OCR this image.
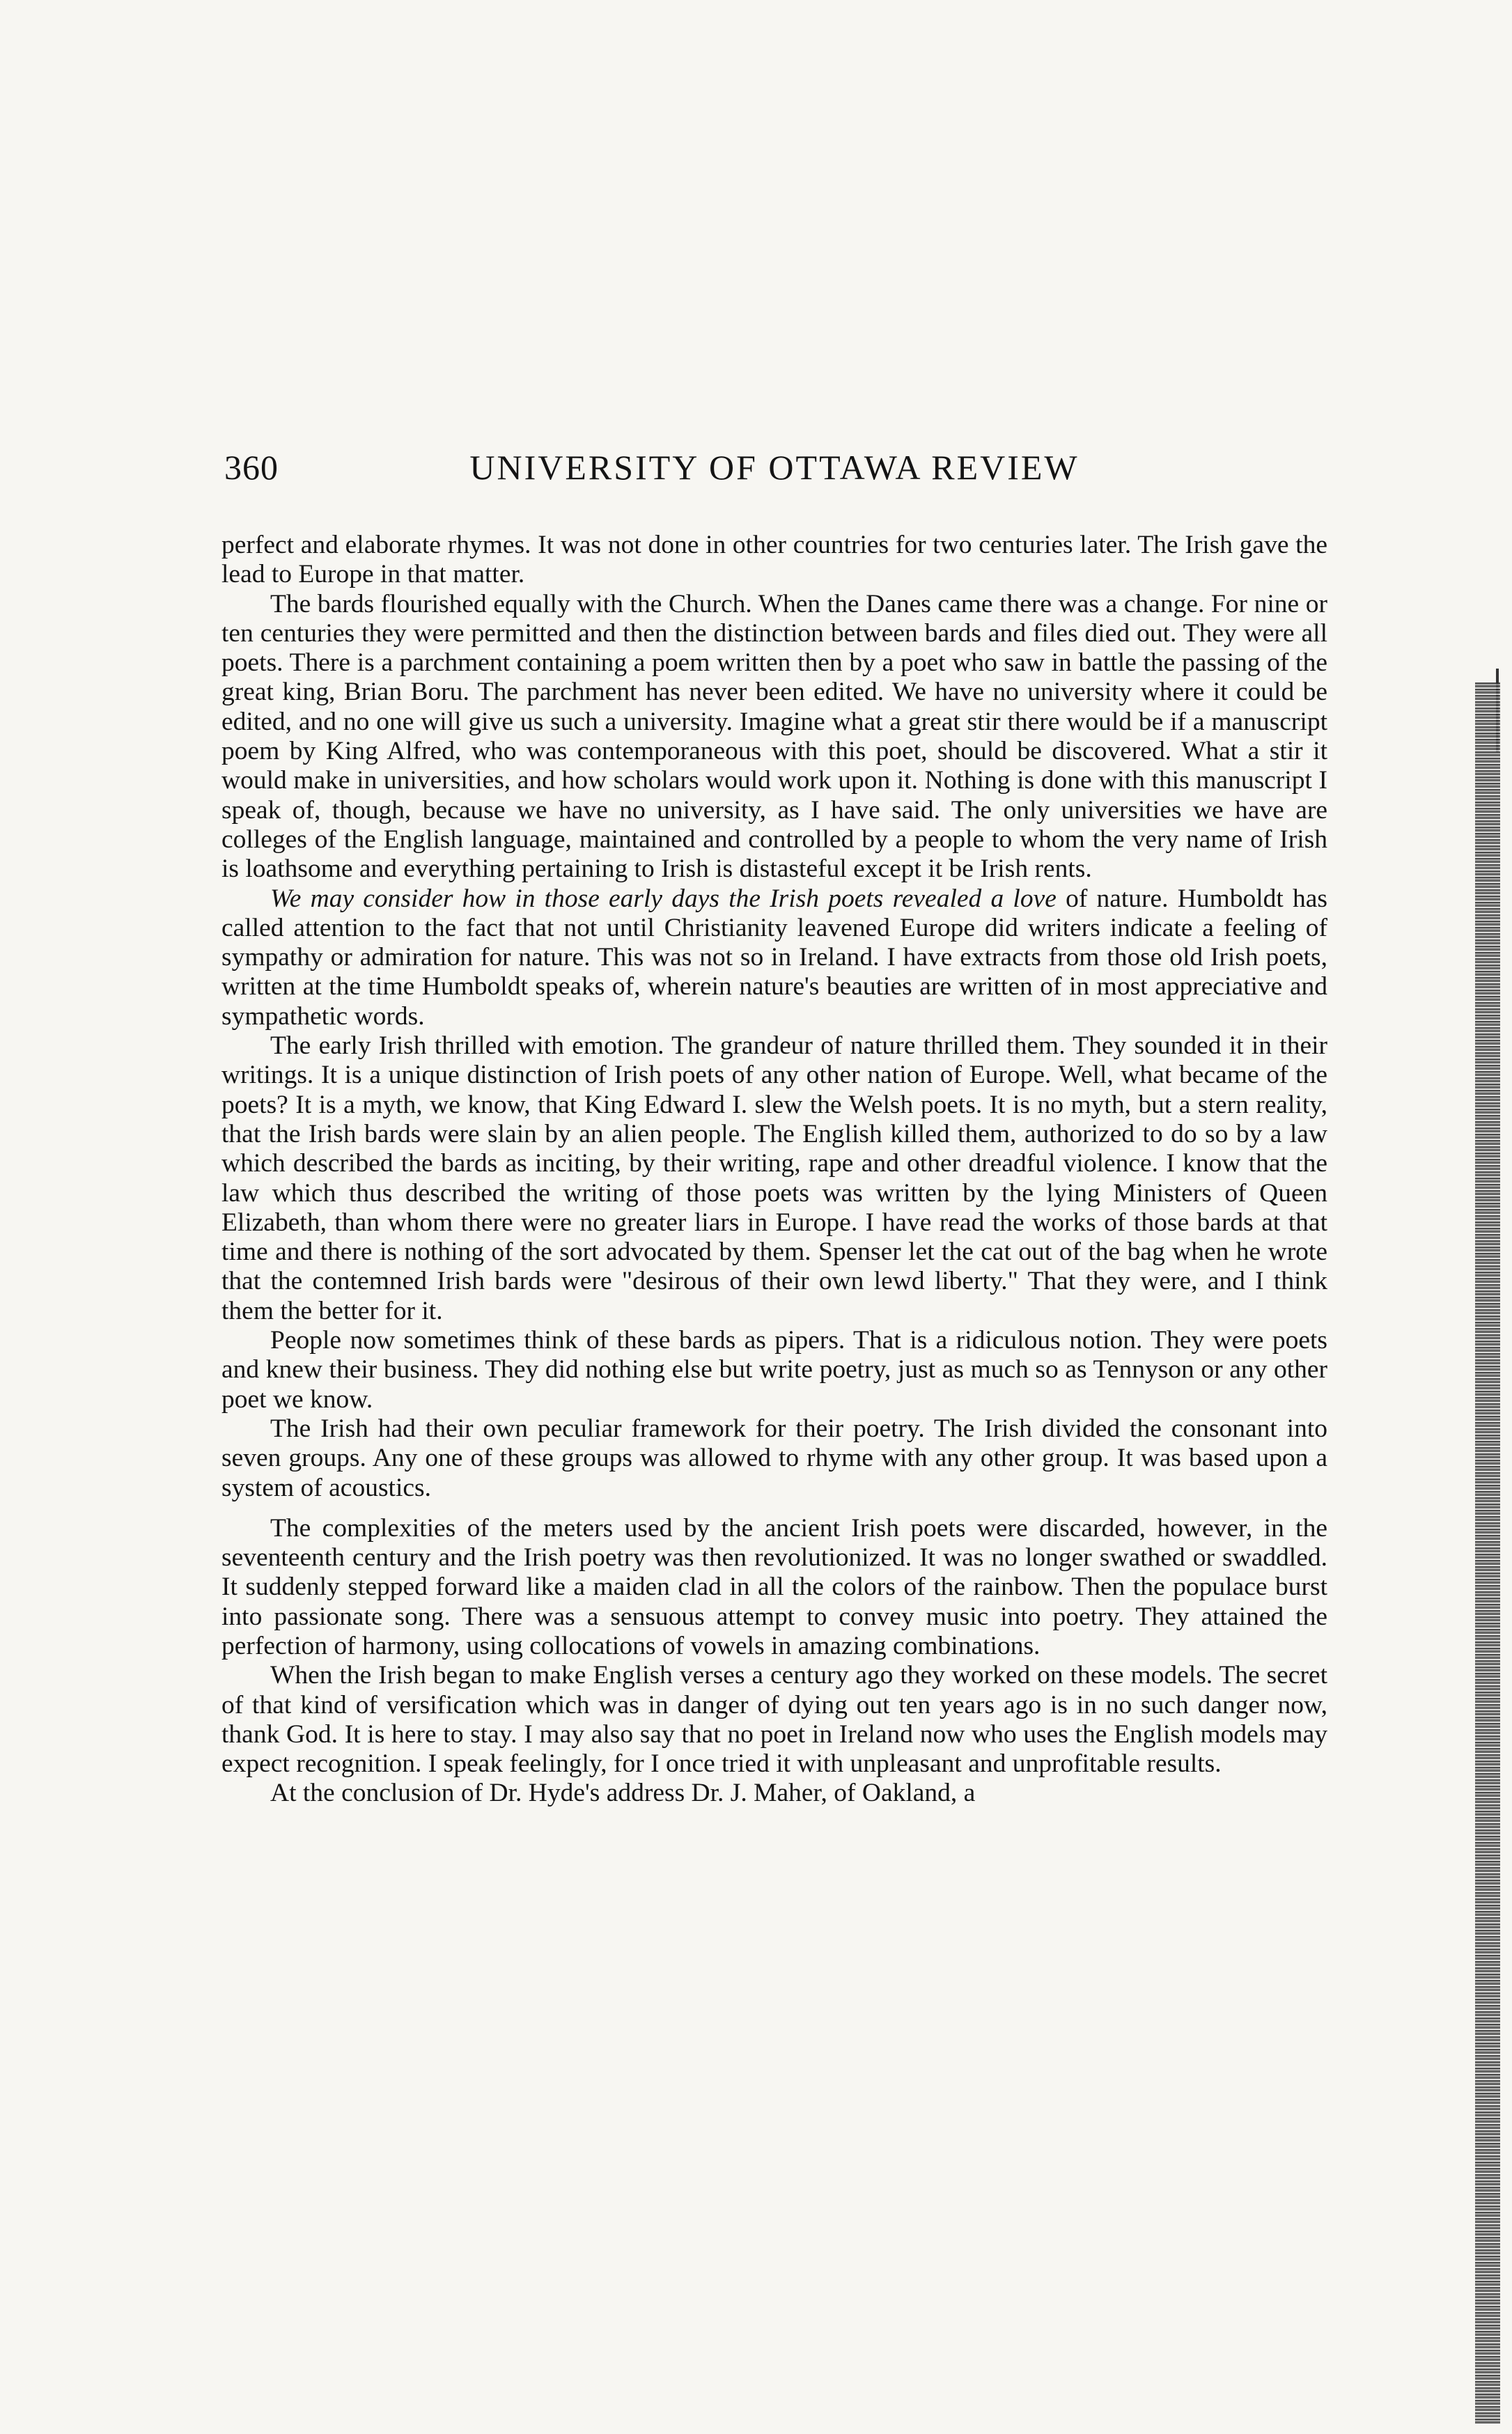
360	UNIVERSITY OF OTTAWA REVIEW

perfect and elaborate rhymes. It was not done in other countries for two centuries later. The Irish gave the lead to Europe in that matter.

The bards flourished equally with the Church. When the Danes came there was a change. For nine or ten centuries they were permitted and then the distinction between bards and files died out. They were all poets. There is a parchment containing a poem written then by a poet who saw in battle the passing of the great king, Brian Boru. The parchment has never been edited. We have no university where it could be edited, and no one will give us such a university. Imagine what a great stir there would be if a manuscript poem by King Alfred, who was contemporaneous with this poet, should be discovered. What a stir it would make in universities, and how scholars would work upon it. Nothing is done with this manuscript I speak of, though, because we have no university, as I have said. The only universities we have are colleges of the English language, maintained and controlled by a people to whom the very name of Irish is loathsome and everything pertaining to Irish is distasteful except it be Irish rents.

We may consider how in those early days the Irish poets revealed a love of nature. Humboldt has called attention to the fact that not until Christianity leavened Europe did writers indicate a feeling of sympathy or admiration for nature. This was not so in Ireland. I have extracts from those old Irish poets, written at the time Humboldt speaks of, wherein nature's beauties are written of in most appreciative and sympathetic words.

The early Irish thrilled with emotion. The grandeur of nature thrilled them. They sounded it in their writings. It is a unique distinction of Irish poets of any other nation of Europe. Well, what became of the poets? It is a myth, we know, that King Edward I. slew the Welsh poets. It is no myth, but a stern reality, that the Irish bards were slain by an alien people. The English killed them, authorized to do so by a law which described the bards as inciting, by their writing, rape and other dreadful violence. I know that the law which thus described the writing of those poets was written by the lying Ministers of Queen Elizabeth, than whom there were no greater liars in Europe. I have read the works of those bards at that time and there is nothing of the sort advocated by them. Spenser let the cat out of the bag when he wrote that the contemned Irish bards were "desirous of their own lewd liberty." That they were, and I think them the better for it.

People now sometimes think of these bards as pipers. That is a ridiculous notion. They were poets and knew their business. They did nothing else but write poetry, just as much so as Tennyson or any other poet we know.

The Irish had their own peculiar framework for their poetry. The Irish divided the consonant into seven groups. Any one of these groups was allowed to rhyme with any other group. It was based upon a system of acoustics.

The complexities of the meters used by the ancient Irish poets were discarded, however, in the seventeenth century and the Irish poetry was then revolutionized. It was no longer swathed or swaddled. It suddenly stepped forward like a maiden clad in all the colors of the rainbow. Then the populace burst into passionate song. There was a sensuous attempt to convey music into poetry. They attained the perfection of harmony, using collocations of vowels in amazing combinations.

When the Irish began to make English verses a century ago they worked on these models. The secret of that kind of versification which was in danger of dying out ten years ago is in no such danger now, thank God. It is here to stay. I may also say that no poet in Ireland now who uses the English models may expect recognition. I speak feelingly, for I once tried it with unpleasant and unprofitable results.

At the conclusion of Dr. Hyde's address Dr. J. Maher, of Oakland, a
